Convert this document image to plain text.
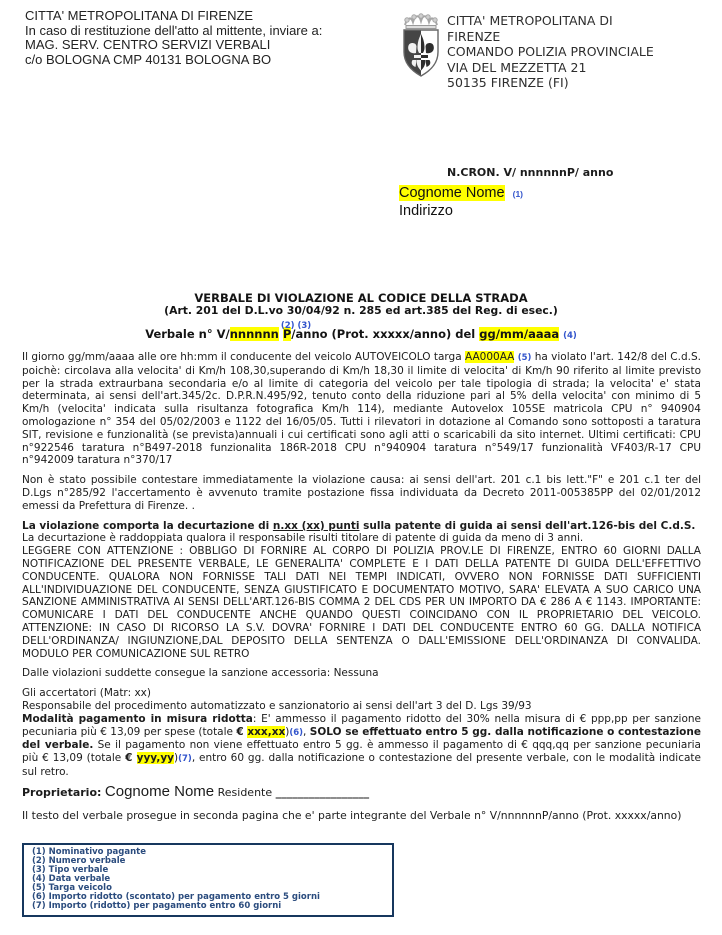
CITTA' METROPOLITANA DI FIRENZE
In caso di restituzione dell'atto al mittente, inviare a:
MAG. SERV. CENTRO SERVIZI VERBALI
c/o BOLOGNA CMP 40131 BOLOGNA BO
CITTA' METROPOLITANA DI
FIRENZE
COMANDO POLIZIA PROVINCIALE
VIA DEL MEZZETTA 21
50135 FIRENZE (FI)
N.CRON. V/ nnnnnnP/ anno
Cognome Nome (1)
Indirizzo
VERBALE DI VIOLAZIONE AL CODICE DELLA STRADA
(Art. 201 del D.L.vo 30/04/92 n. 285 ed art.385 del Reg. di esec.)
(2) (3)
Verbale n° V/nnnnnn P/anno (Prot. xxxxx/anno) del gg/mm/aaaa (4)
Il giorno gg/mm/aaaa alle ore hh:mm il conducente del veicolo AUTOVEICOLO targa AA000AA (5) ha violato l'art. 142/8 del C.d.S. poichè: circolava alla velocita' di Km/h 108,30,superando di Km/h 18,30 il limite di velocita' di Km/h 90 riferito al limite previsto per la strada extraurbana secondaria e/o al limite di categoria del veicolo per tale tipologia di strada; la velocita' e' stata determinata, ai sensi dell'art.345/2c. D.P.R.N.495/92, tenuto conto della riduzione pari al 5% della velocita' con minimo di 5 Km/h (velocita' indicata sulla risultanza fotografica Km/h 114), mediante Autovelox 105SE matricola CPU n° 940904 omologazione n° 354 del 05/02/2003 e 1122 del 16/05/05. Tutti i rilevatori in dotazione al Comando sono sottoposti a taratura SIT, revisione e funzionalità (se prevista)annuali i cui certificati sono agli atti o scaricabili da sito internet. Ultimi certificati: CPU n°922546 taratura n°B497-2018 funzionalita 186R-2018 CPU n°940904 taratura n°549/17 funzionalità VF403/R-17 CPU n°942009 taratura n°370/17
Non è stato possibile contestare immediatamente la violazione causa: ai sensi dell'art. 201 c.1 bis lett."F" e 201 c.1 ter del D.Lgs n°285/92 l'accertamento è avvenuto tramite postazione fissa individuata da Decreto 2011-005385PP del 02/01/2012 emessi da Prefettura di Firenze. .
La violazione comporta la decurtazione di n.xx (xx) punti sulla patente di guida ai sensi dell'art.126-bis del C.d.S.
La decurtazione è raddoppiata qualora il responsabile risulti titolare di patente di guida da meno di 3 anni.
LEGGERE CON ATTENZIONE : OBBLIGO DI FORNIRE AL CORPO DI POLIZIA PROV.LE DI FIRENZE, ENTRO 60 GIORNI DALLA NOTIFICAZIONE DEL PRESENTE VERBALE, LE GENERALITA' COMPLETE E I DATI DELLA PATENTE DI GUIDA DELL'EFFETTIVO CONDUCENTE. QUALORA NON FORNISSE TALI DATI NEI TEMPI INDICATI, OVVERO NON FORNISSE DATI SUFFICIENTI ALL'INDIVIDUAZIONE DEL CONDUCENTE, SENZA GIUSTIFICATO E DOCUMENTATO MOTIVO, SARA' ELEVATA A SUO CARICO UNA SANZIONE AMMINISTRATIVA AI SENSI DELL'ART.126-BIS COMMA 2 DEL CDS PER UN IMPORTO DA € 286 A € 1143. IMPORTANTE: COMUNICARE I DATI DEL CONDUCENTE ANCHE QUANDO QUESTI COINCIDANO CON IL PROPRIETARIO DEL VEICOLO. ATTENZIONE: IN CASO DI RICORSO LA S.V. DOVRA' FORNIRE I DATI DEL CONDUCENTE ENTRO 60 GG. DALLA NOTIFICA DELL'ORDINANZA/ INGIUNZIONE,DAL DEPOSITO DELLA SENTENZA O DALL'EMISSIONE DELL'ORDINANZA DI CONVALIDA. MODULO PER COMUNICAZIONE SUL RETRO
Dalle violazioni suddette consegue la sanzione accessoria: Nessuna
Gli accertatori (Matr: xx)
Responsabile del procedimento automatizzato e sanzionatorio ai sensi dell'art 3 del D. Lgs 39/93
Modalità pagamento in misura ridotta: E' ammesso il pagamento ridotto del 30% nella misura di € ppp,pp per sanzione pecuniaria più € 13,09 per spese (totale € xxx,xx)(6), SOLO se effettuato entro 5 gg. dalla notificazione o contestazione del verbale. Se il pagamento non viene effettuato entro 5 gg. è ammesso il pagamento di € qqq,qq per sanzione pecuniaria più € 13,09 (totale € yyy,yy)(7), entro 60 gg. dalla notificazione o contestazione del presente verbale, con le modalità indicate sul retro.
Proprietario: Cognome Nome Residente _________________
Il testo del verbale prosegue in seconda pagina che e' parte integrante del Verbale n° V/nnnnnnP/anno (Prot. xxxxx/anno)
(1) Nominativo pagante
(2) Numero verbale
(3) Tipo verbale
(4) Data verbale
(5) Targa veicolo
(6) Importo ridotto (scontato) per pagamento entro 5 giorni
(7) Importo (ridotto) per pagamento entro 60 giorni
